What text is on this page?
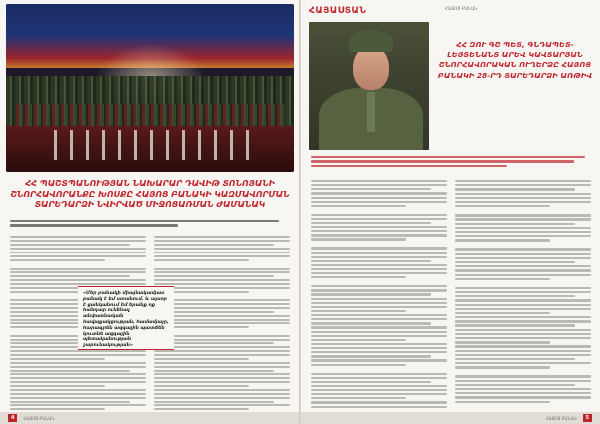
ՀՀ ՊԱՇՏՊԱՆՈՒԹՅԱՆ ՆԱԽԱՐԱՐ ԴԱՎԻԹ ՏՈՆՈՅԱՆԻ ՇՆՈՐՀԱՎՈՐԱՆՔԸ ԽՈՍՔԸ ՀԱՅՈՑ ԲԱՆԱԿԻ ԿԱԶՄԱՎՈՐՄԱՆ ՏԱՐԵԴԱՐՁԻ ՆՎԻՐՎԱԾ ՄԻՋՈՑԱՌՄԱՆ ԺԱՄԱՆԱԿ
«Մեր բանակի միայնակամյաս բանակ է եմ ստանում, և այսօր է ցանկանում եմ երանք ոք հանդար ունենալ անփառնական հավաքակցության, համամյայր, հարագրեն ազգային պատճեն կուտնե ազգային պետականության շարունակության»
4	ՀԱՅՈՑ ԲԱՆԱԿ
ՀԱՅԱՍՏԱՆ	ՀԱՅՈՑ ԲԱՆԱԿ
ՀՀ ԶՈՒ ԳՇ ՊԵՏ, ԳՆԴԱՊԵՏ-ԼԵՅՏԵՆԱՆՏ ԱՐԵՎ ԿԱՎՏԱՐՅԱՆ ՇՆՈՐՀԱՎՈՐԱԿԱՆ ՈՒՂԵՐՁԸ ՀԱՅՈՑ ԲԱՆԱԿԻ 28-ՐԴ ՏԱՐԵԴԱՐՁԻ ԱՌԹԻՎ
ՀԱՅՈՑ ԲԱՆԱԿ	5
